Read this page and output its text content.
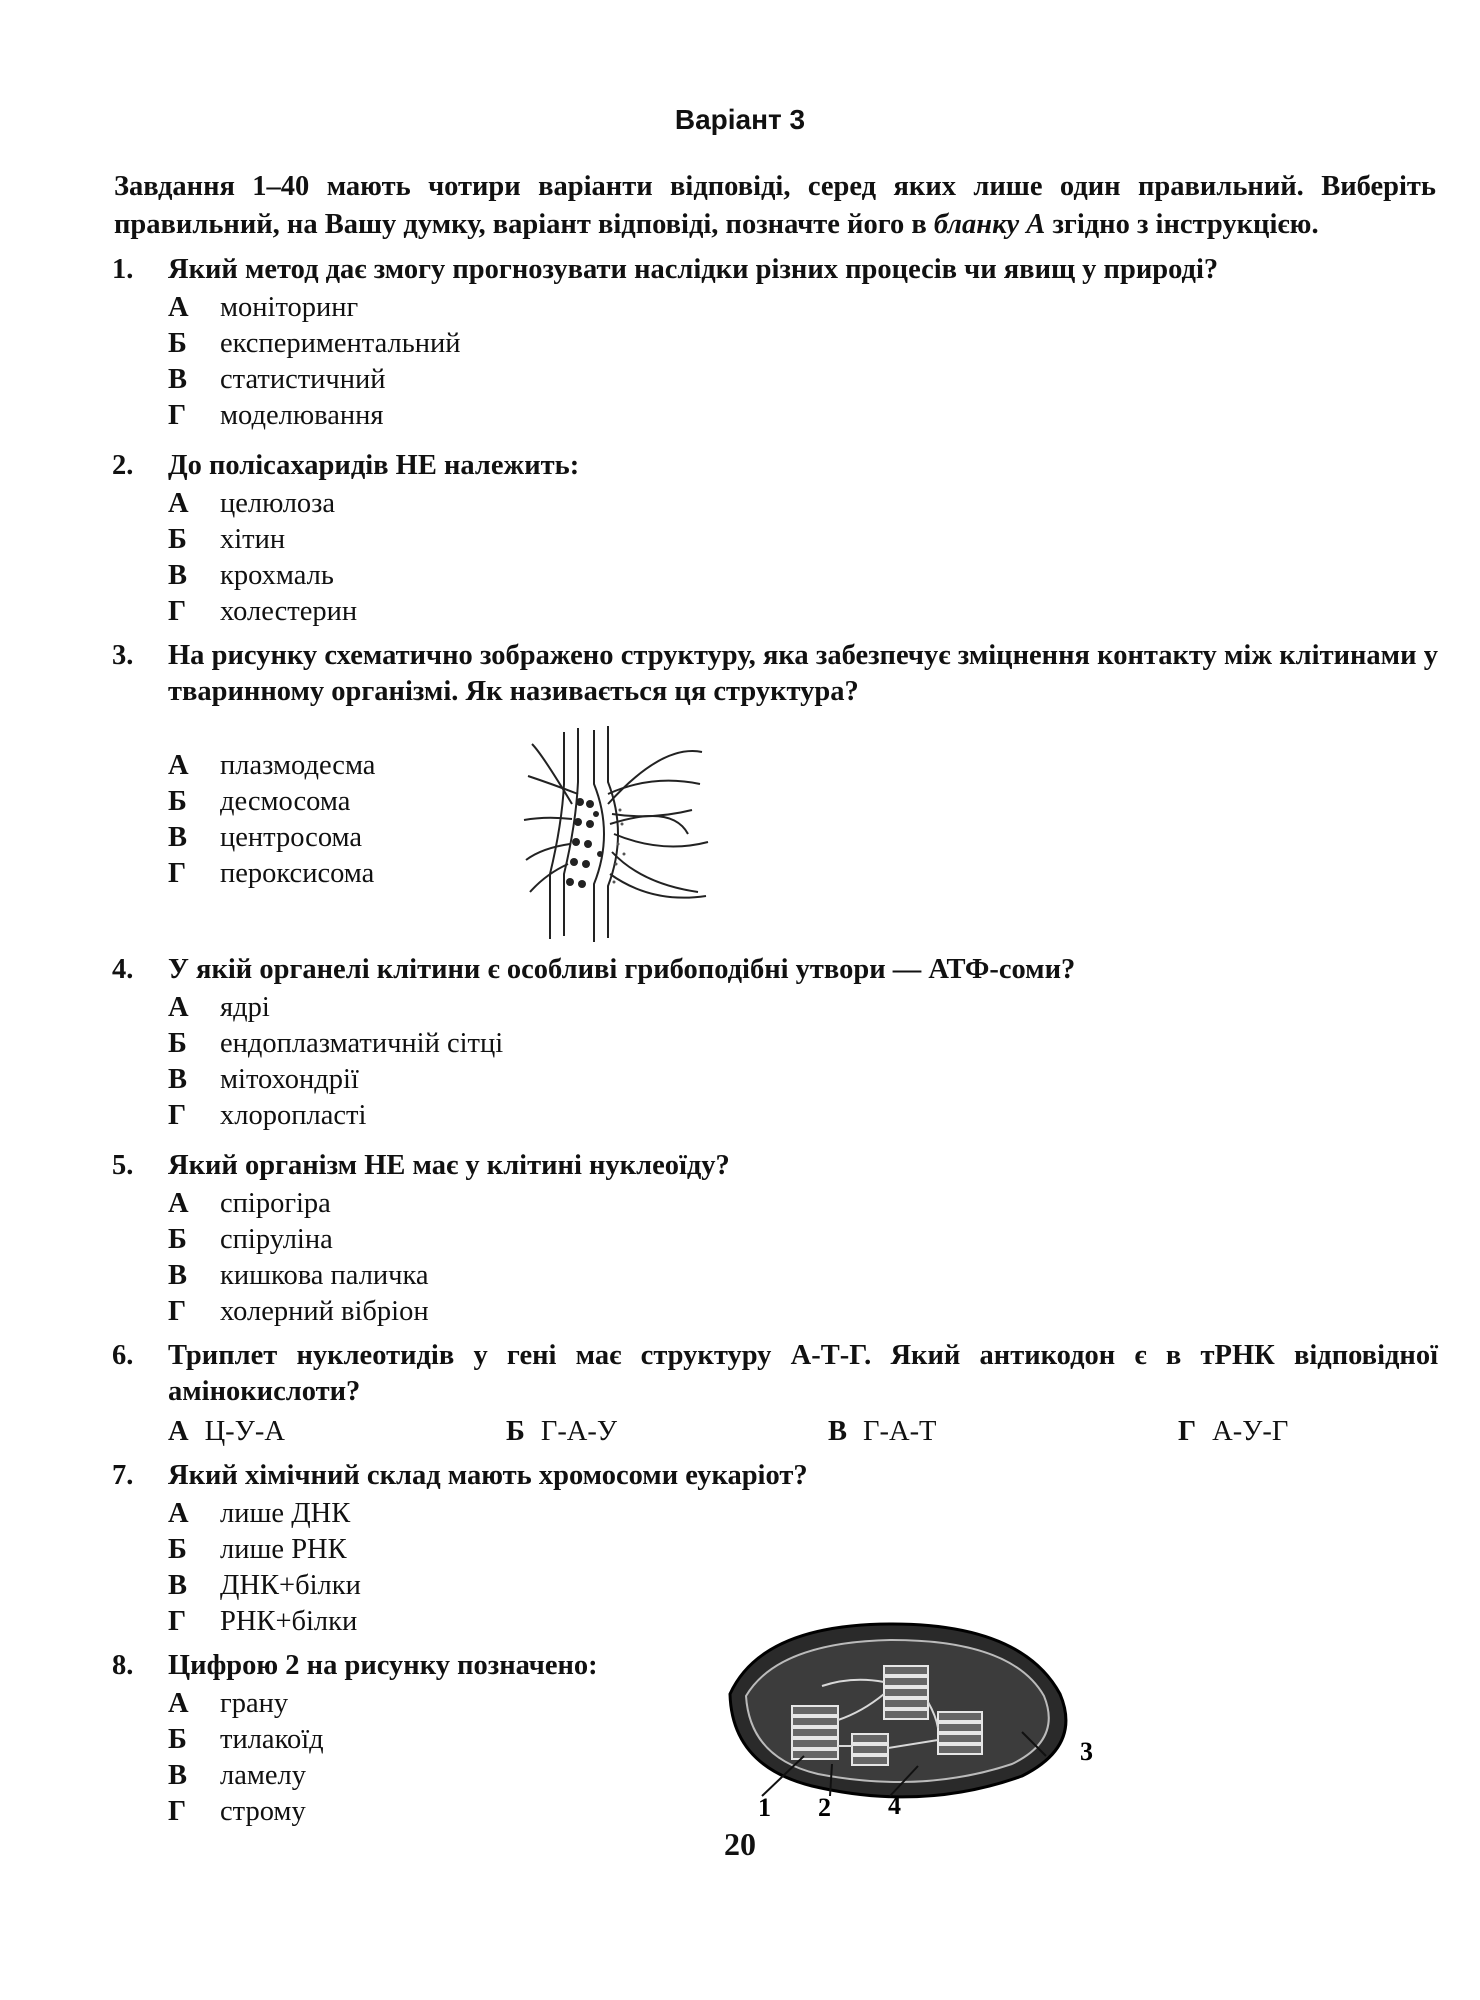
Варіант 3
Завдання 1–40 мають чотири варіанти відповіді, серед яких лише один правильний. Виберіть правильний, на Вашу думку, варіант відповіді, позначте його в бланку А згідно з інструкцією.
1. Який метод дає змогу прогнозувати наслідки різних процесів чи явищ у природі?
А	моніторинг
Б	експериментальний
В	статистичний
Г	моделювання
2. До полісахаридів НЕ належить:
А	целюлоза
Б	хітин
В	крохмаль
Г	холестерин
3. На рисунку схематично зображено структуру, яка забезпечує зміцнення контакту між клітинами у тваринному організмі. Як називається ця структура?
А	плазмодесма
Б	десмосома
В	центросома
Г	пероксисома
4. У якій органелі клітини є особливі грибоподібні утвори — АТФ-соми?
А	ядрі
Б	ендоплазматичній сітці
В	мітохондрії
Г	хлоропласті
5. Який організм НЕ має у клітині нуклеоїду?
А	спірогіра
Б	спіруліна
В	кишкова паличка
Г	холерний вібріон
6. Триплет нуклеотидів у гені має структуру А-Т-Г. Який антикодон є в тРНК відповідної амінокислоти?
А Ц-У-А	Б Г-А-У	В Г-А-Т	Г А-У-Г
7. Який хімічний склад мають хромосоми еукаріот?
А	лише ДНК
Б	лише РНК
В	ДНК+білки
Г	РНК+білки
8. Цифрою 2 на рисунку позначено:
А	грану
Б	тилакоїд
В	ламелу
Г	строму	1 2 4
3
20
